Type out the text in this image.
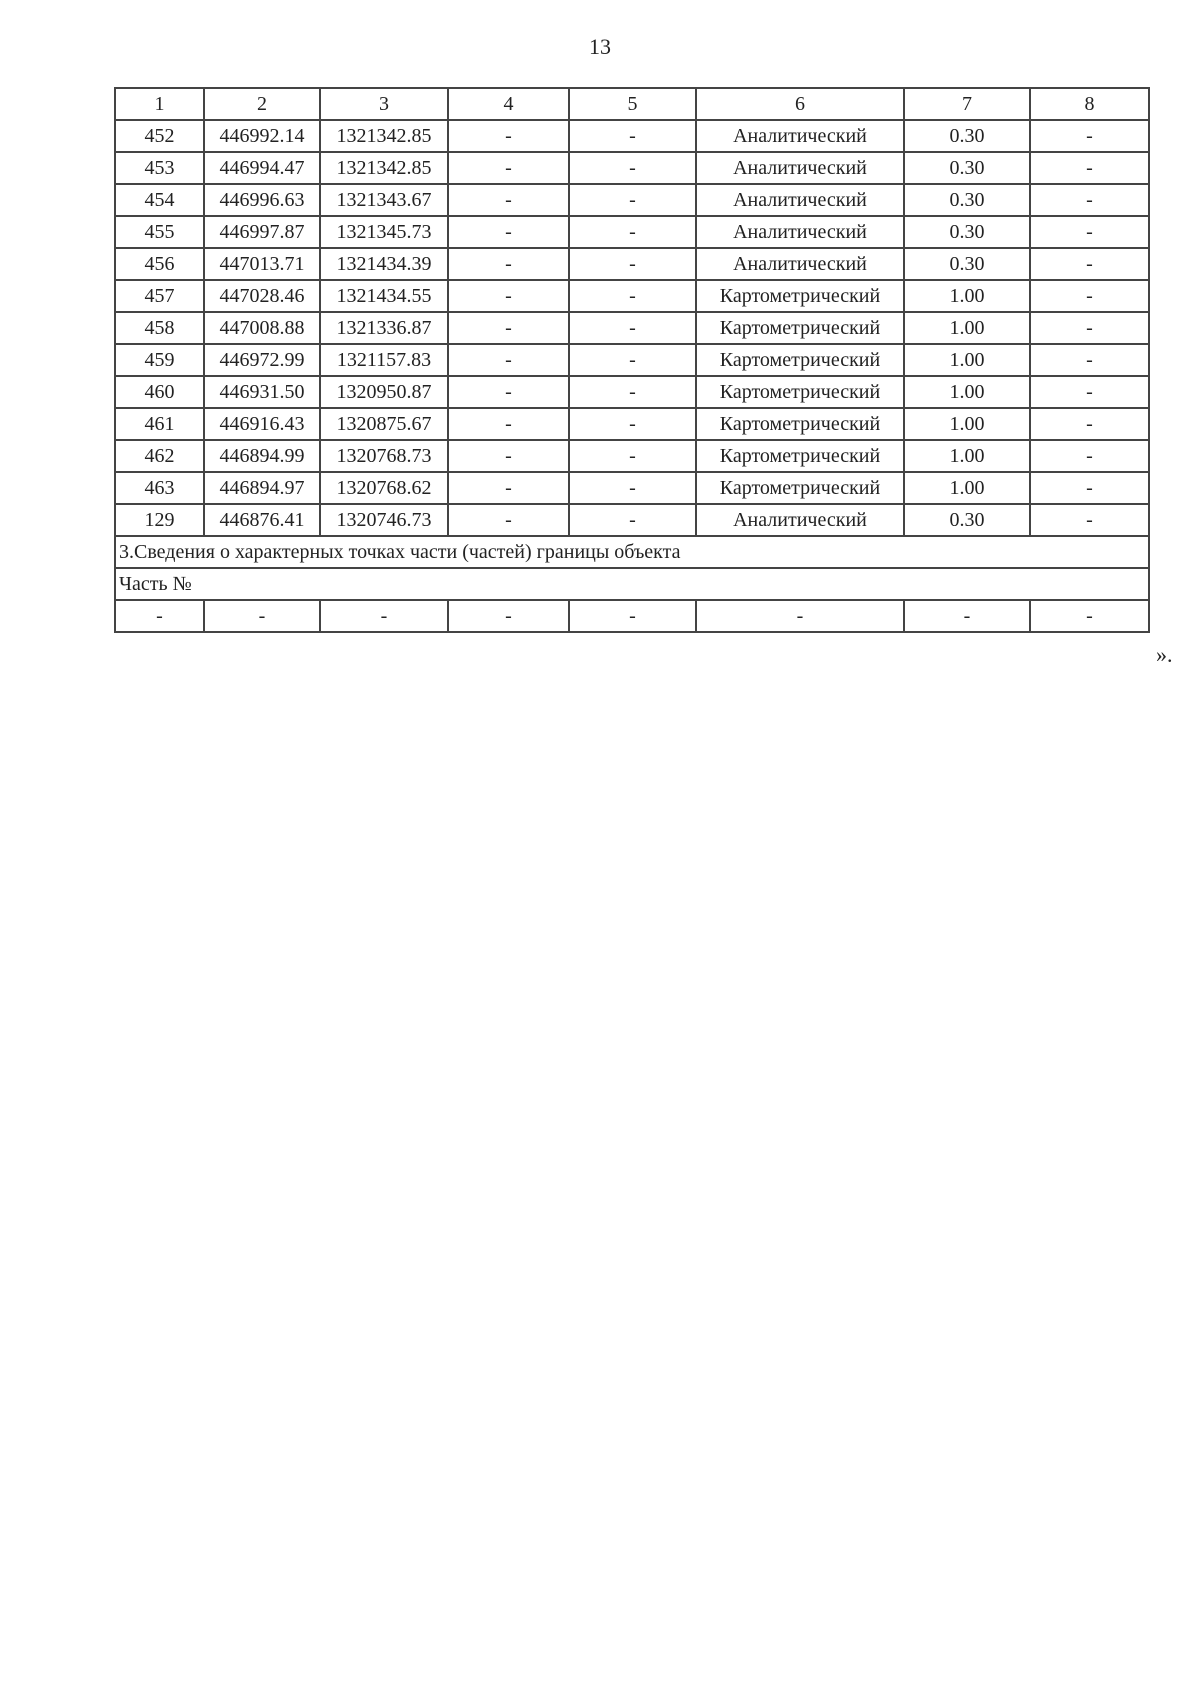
13
1	2	3	4	5	6	7	8
452	446992.14	1321342.85	-	-	Аналитический	0.30	-
453	446994.47	1321342.85	-	-	Аналитический	0.30	-
454	446996.63	1321343.67	-	-	Аналитический	0.30	-
455	446997.87	1321345.73	-	-	Аналитический	0.30	-
456	447013.71	1321434.39	-	-	Аналитический	0.30	-
457	447028.46	1321434.55	-	-	Картометрический	1.00	-
458	447008.88	1321336.87	-	-	Картометрический	1.00	-
459	446972.99	1321157.83	-	-	Картометрический	1.00	-
460	446931.50	1320950.87	-	-	Картометрический	1.00	-
461	446916.43	1320875.67	-	-	Картометрический	1.00	-
462	446894.99	1320768.73	-	-	Картометрический	1.00	-
463	446894.97	1320768.62	-	-	Картометрический	1.00	-
129	446876.41	1320746.73	-	-	Аналитический	0.30	-
3.Сведения о характерных точках части (частей) границы объекта							
Часть №							
-	-	-	-	-	-	-	-
».
